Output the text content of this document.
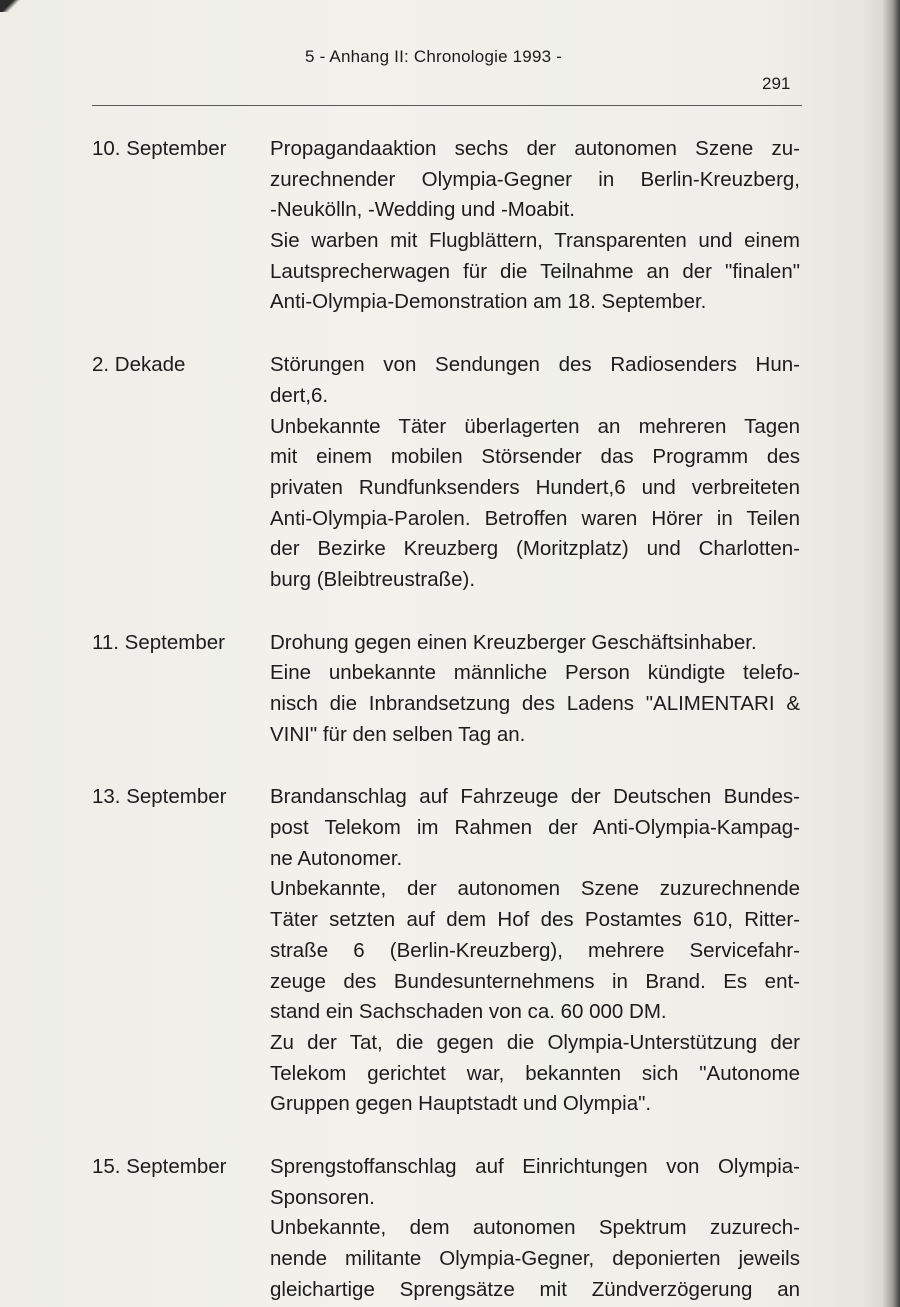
5 - Anhang II: Chronologie 1993 -
291
10. September	Propagandaaktion sechs der autonomen Szene zu-
zurechnender Olympia-Gegner in Berlin-Kreuzberg,
-Neukölln, -Wedding und -Moabit.
Sie warben mit Flugblättern, Transparenten und einem
Lautsprecherwagen für die Teilnahme an der "finalen"
Anti-Olympia-Demonstration am 18. September.
2. Dekade	Störungen von Sendungen des Radiosenders Hun-
dert,6.
Unbekannte Täter überlagerten an mehreren Tagen
mit einem mobilen Störsender das Programm des
privaten Rundfunksenders Hundert,6 und verbreiteten
Anti-Olympia-Parolen. Betroffen waren Hörer in Teilen
der Bezirke Kreuzberg (Moritzplatz) und Charlotten-
burg (Bleibtreustraße).
11. September	Drohung gegen einen Kreuzberger Geschäftsinhaber.
Eine unbekannte männliche Person kündigte telefo-
nisch die Inbrandsetzung des Ladens "ALIMENTARI &
VINI" für den selben Tag an.
13. September	Brandanschlag auf Fahrzeuge der Deutschen Bundes-
post Telekom im Rahmen der Anti-Olympia-Kampag-
ne Autonomer.
Unbekannte, der autonomen Szene zuzurechnende
Täter setzten auf dem Hof des Postamtes 610, Ritter-
straße 6 (Berlin-Kreuzberg), mehrere Servicefahr-
zeuge des Bundesunternehmens in Brand. Es ent-
stand ein Sachschaden von ca. 60 000 DM.
Zu der Tat, die gegen die Olympia-Unterstützung der
Telekom gerichtet war, bekannten sich "Autonome
Gruppen gegen Hauptstadt und Olympia".
15. September	Sprengstoffanschlag auf Einrichtungen von Olympia-
Sponsoren.
Unbekannte, dem autonomen Spektrum zuzurech-
nende militante Olympia-Gegner, deponierten jeweils
gleichartige Sprengsätze mit Zündverzögerung an
